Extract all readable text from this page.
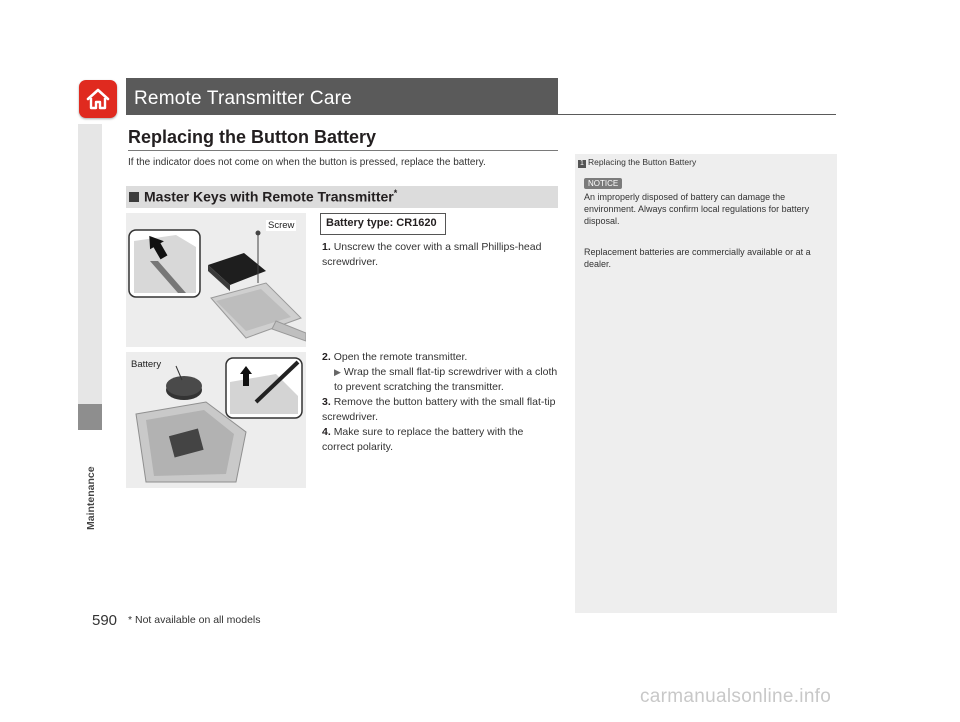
Maintenance
Remote Transmitter Care
Replacing the Button Battery
If the indicator does not come on when the button is pressed, replace the battery.
Master Keys with Remote Transmitter*
Screw
Battery
Battery type: CR1620
1. Unscrew the cover with a small Phillips-head screwdriver.
2. Open the remote transmitter.
▶ Wrap the small flat-tip screwdriver with a cloth to prevent scratching the transmitter.
3. Remove the button battery with the small flat-tip screwdriver.
4. Make sure to replace the battery with the correct polarity.
1 Replacing the Button Battery
NOTICE
An improperly disposed of battery can damage the environment. Always confirm local regulations for battery disposal.
Replacement batteries are commercially available or at a dealer.
590 * Not available on all models
carmanualsonline.info
